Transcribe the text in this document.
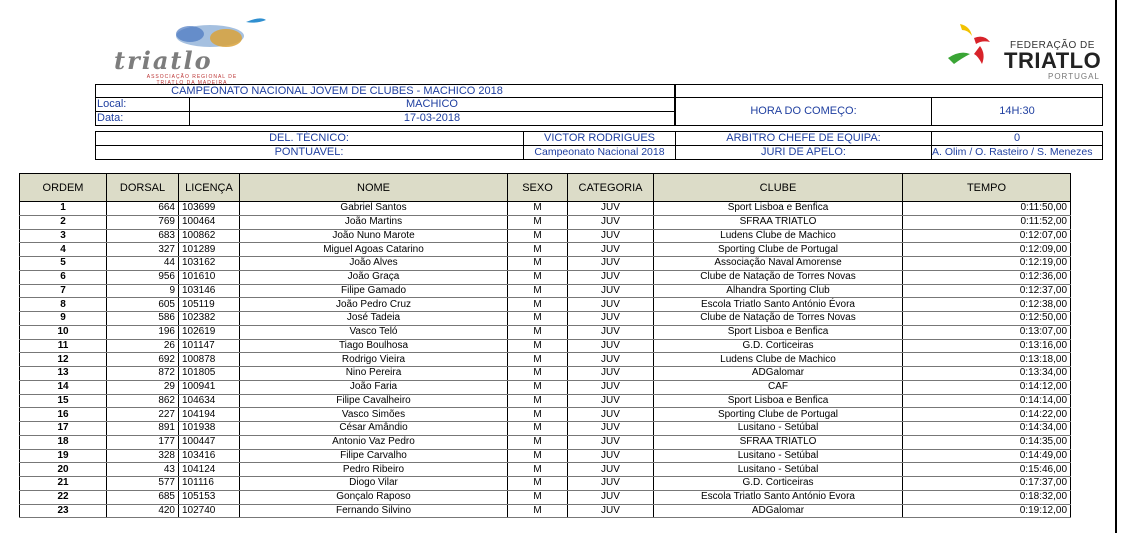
triatlo
ASSOCIAÇÃO REGIONAL DE TRIATLO DA MADEIRA
FEDERAÇÃO DE
TRIATLO
PORTUGAL
CAMPEONATO NACIONAL JOVEM DE CLUBES - MACHICO 2018
Local:	MACHICO
Data:	17-03-2018
HORA DO COMEÇO:	14H:30
DEL. TÉCNICO:	VICTOR RODRIGUES	ARBITRO CHEFE DE EQUIPA:	0
PONTUAVEL:	Campeonato Nacional 2018	JURI DE APELO:	A. Olim / O. Rasteiro / S. Menezes
ORDEM	DORSAL	LICENÇA	NOME	SEXO	CATEGORIA	CLUBE	TEMPO
1	664	103699	Gabriel Santos	M	JUV	Sport Lisboa e Benfica	0:11:50,00
2	769	100464	João Martins	M	JUV	SFRAA TRIATLO	0:11:52,00
3	683	100862	João Nuno Marote	M	JUV	Ludens Clube de Machico	0:12:07,00
4	327	101289	Miguel Agoas Catarino	M	JUV	Sporting Clube de Portugal	0:12:09,00
5	44	103162	João Alves	M	JUV	Associação Naval Amorense	0:12:19,00
6	956	101610	João Graça	M	JUV	Clube de Natação de Torres Novas	0:12:36,00
7	9	103146	Filipe Gamado	M	JUV	Alhandra Sporting Club	0:12:37,00
8	605	105119	João Pedro Cruz	M	JUV	Escola Triatlo Santo António Évora	0:12:38,00
9	586	102382	José Tadeia	M	JUV	Clube de Natação de Torres Novas	0:12:50,00
10	196	102619	Vasco Teló	M	JUV	Sport Lisboa e Benfica	0:13:07,00
11	26	101147	Tiago Boulhosa	M	JUV	G.D. Corticeiras	0:13:16,00
12	692	100878	Rodrigo Vieira	M	JUV	Ludens Clube de Machico	0:13:18,00
13	872	101805	Nino Pereira	M	JUV	ADGalomar	0:13:34,00
14	29	100941	João Faria	M	JUV	CAF	0:14:12,00
15	862	104634	Filipe Cavalheiro	M	JUV	Sport Lisboa e Benfica	0:14:14,00
16	227	104194	Vasco Simões	M	JUV	Sporting Clube de Portugal	0:14:22,00
17	891	101938	César Amândio	M	JUV	Lusitano - Setúbal	0:14:34,00
18	177	100447	Antonio Vaz Pedro	M	JUV	SFRAA TRIATLO	0:14:35,00
19	328	103416	Filipe Carvalho	M	JUV	Lusitano - Setúbal	0:14:49,00
20	43	104124	Pedro Ribeiro	M	JUV	Lusitano - Setúbal	0:15:46,00
21	577	101116	Diogo Vilar	M	JUV	G.D. Corticeiras	0:17:37,00
22	685	105153	Gonçalo Raposo	M	JUV	Escola Triatlo Santo António Évora	0:18:32,00
23	420	102740	Fernando Silvino	M	JUV	ADGalomar	0:19:12,00
